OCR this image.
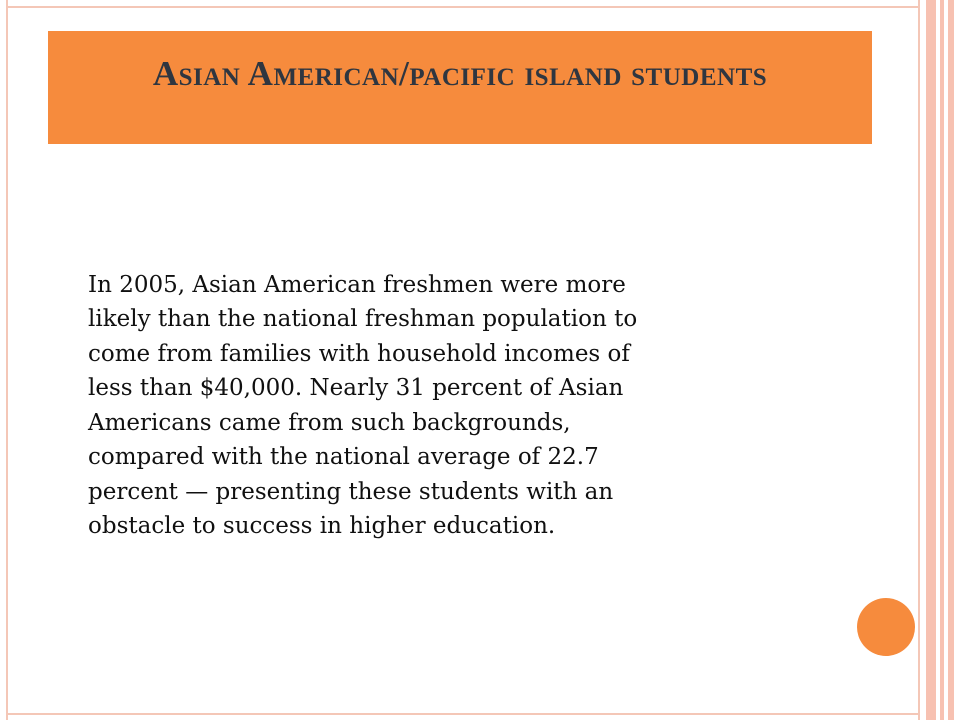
Asian American/pacific island students

In 2005, Asian American freshmen were more
likely than the national freshman population to
come from families with household incomes of
less than $40,000. Nearly 31 percent of Asian
Americans came from such backgrounds,
compared with the national average of 22.7
percent — presenting these students with an
obstacle to success in higher education.
